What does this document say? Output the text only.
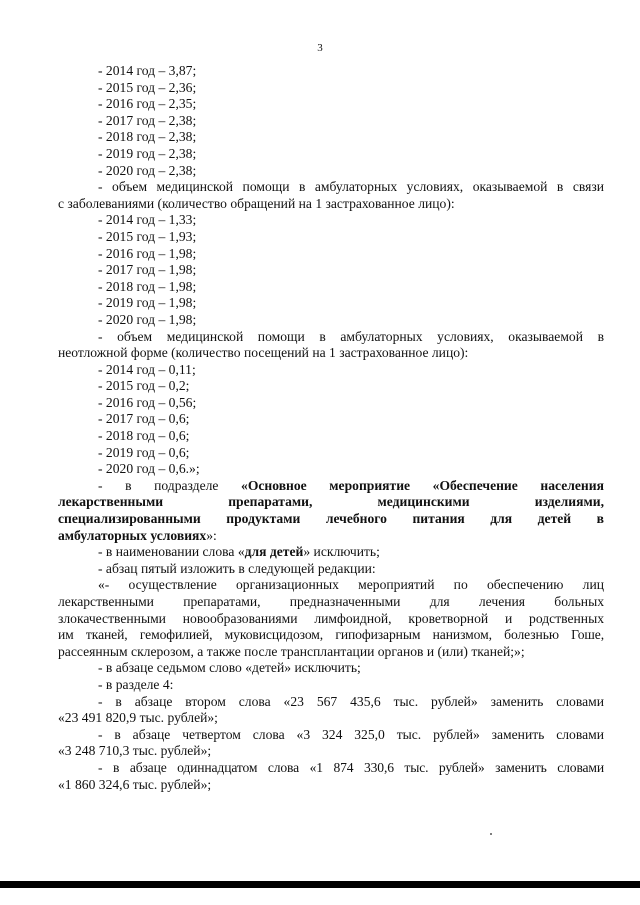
3

- 2014 год – 3,87;

- 2015 год – 2,36;

- 2016 год – 2,35;

- 2017 год – 2,38;

- 2018 год – 2,38;

- 2019 год – 2,38;

- 2020 год – 2,38;

- объем медицинской помощи в амбулаторных условиях, оказываемой в связи

с заболеваниями (количество обращений на 1 застрахованное лицо):

- 2014 год – 1,33;

- 2015 год – 1,93;

- 2016 год – 1,98;

- 2017 год – 1,98;

- 2018 год – 1,98;

- 2019 год – 1,98;

- 2020 год – 1,98;

- объем медицинской помощи в амбулаторных условиях, оказываемой в

неотложной форме (количество посещений на 1 застрахованное лицо):

- 2014 год – 0,11;

- 2015 год – 0,2;

- 2016 год – 0,56;

- 2017 год – 0,6;

- 2018 год – 0,6;

- 2019 год – 0,6;

- 2020 год – 0,6.»;

- в подразделе «Основное мероприятие «Обеспечение населения
лекарственными	препаратами,	медицинскими	изделиями,
специализированными продуктами лечебного питания для детей в

амбулаторных условиях»:

- в наименовании слова «для детей» исключить;

- абзац пятый изложить в следующей редакции:

«- осуществление организационных мероприятий по обеспечению лиц

лекарственными препаратами, предназначенными для лечения больных

злокачественными новообразованиями лимфоидной, кроветворной и родственных

им тканей, гемофилией, муковисцидозом, гипофизарным нанизмом, болезнью Гоше,

рассеянным склерозом, а также после трансплантации органов и (или) тканей;»;

- в абзаце седьмом слово «детей» исключить;

- в разделе 4:

- в абзаце втором слова «23 567 435,6 тыс. рублей» заменить словами

«23 491 820,9 тыс. рублей»;

- в абзаце четвертом слова «3 324 325,0 тыс. рублей» заменить словами

«3 248 710,3 тыс. рублей»;

- в абзаце одиннадцатом слова «1 874 330,6 тыс. рублей» заменить словами

«1 860 324,6 тыс. рублей»;
